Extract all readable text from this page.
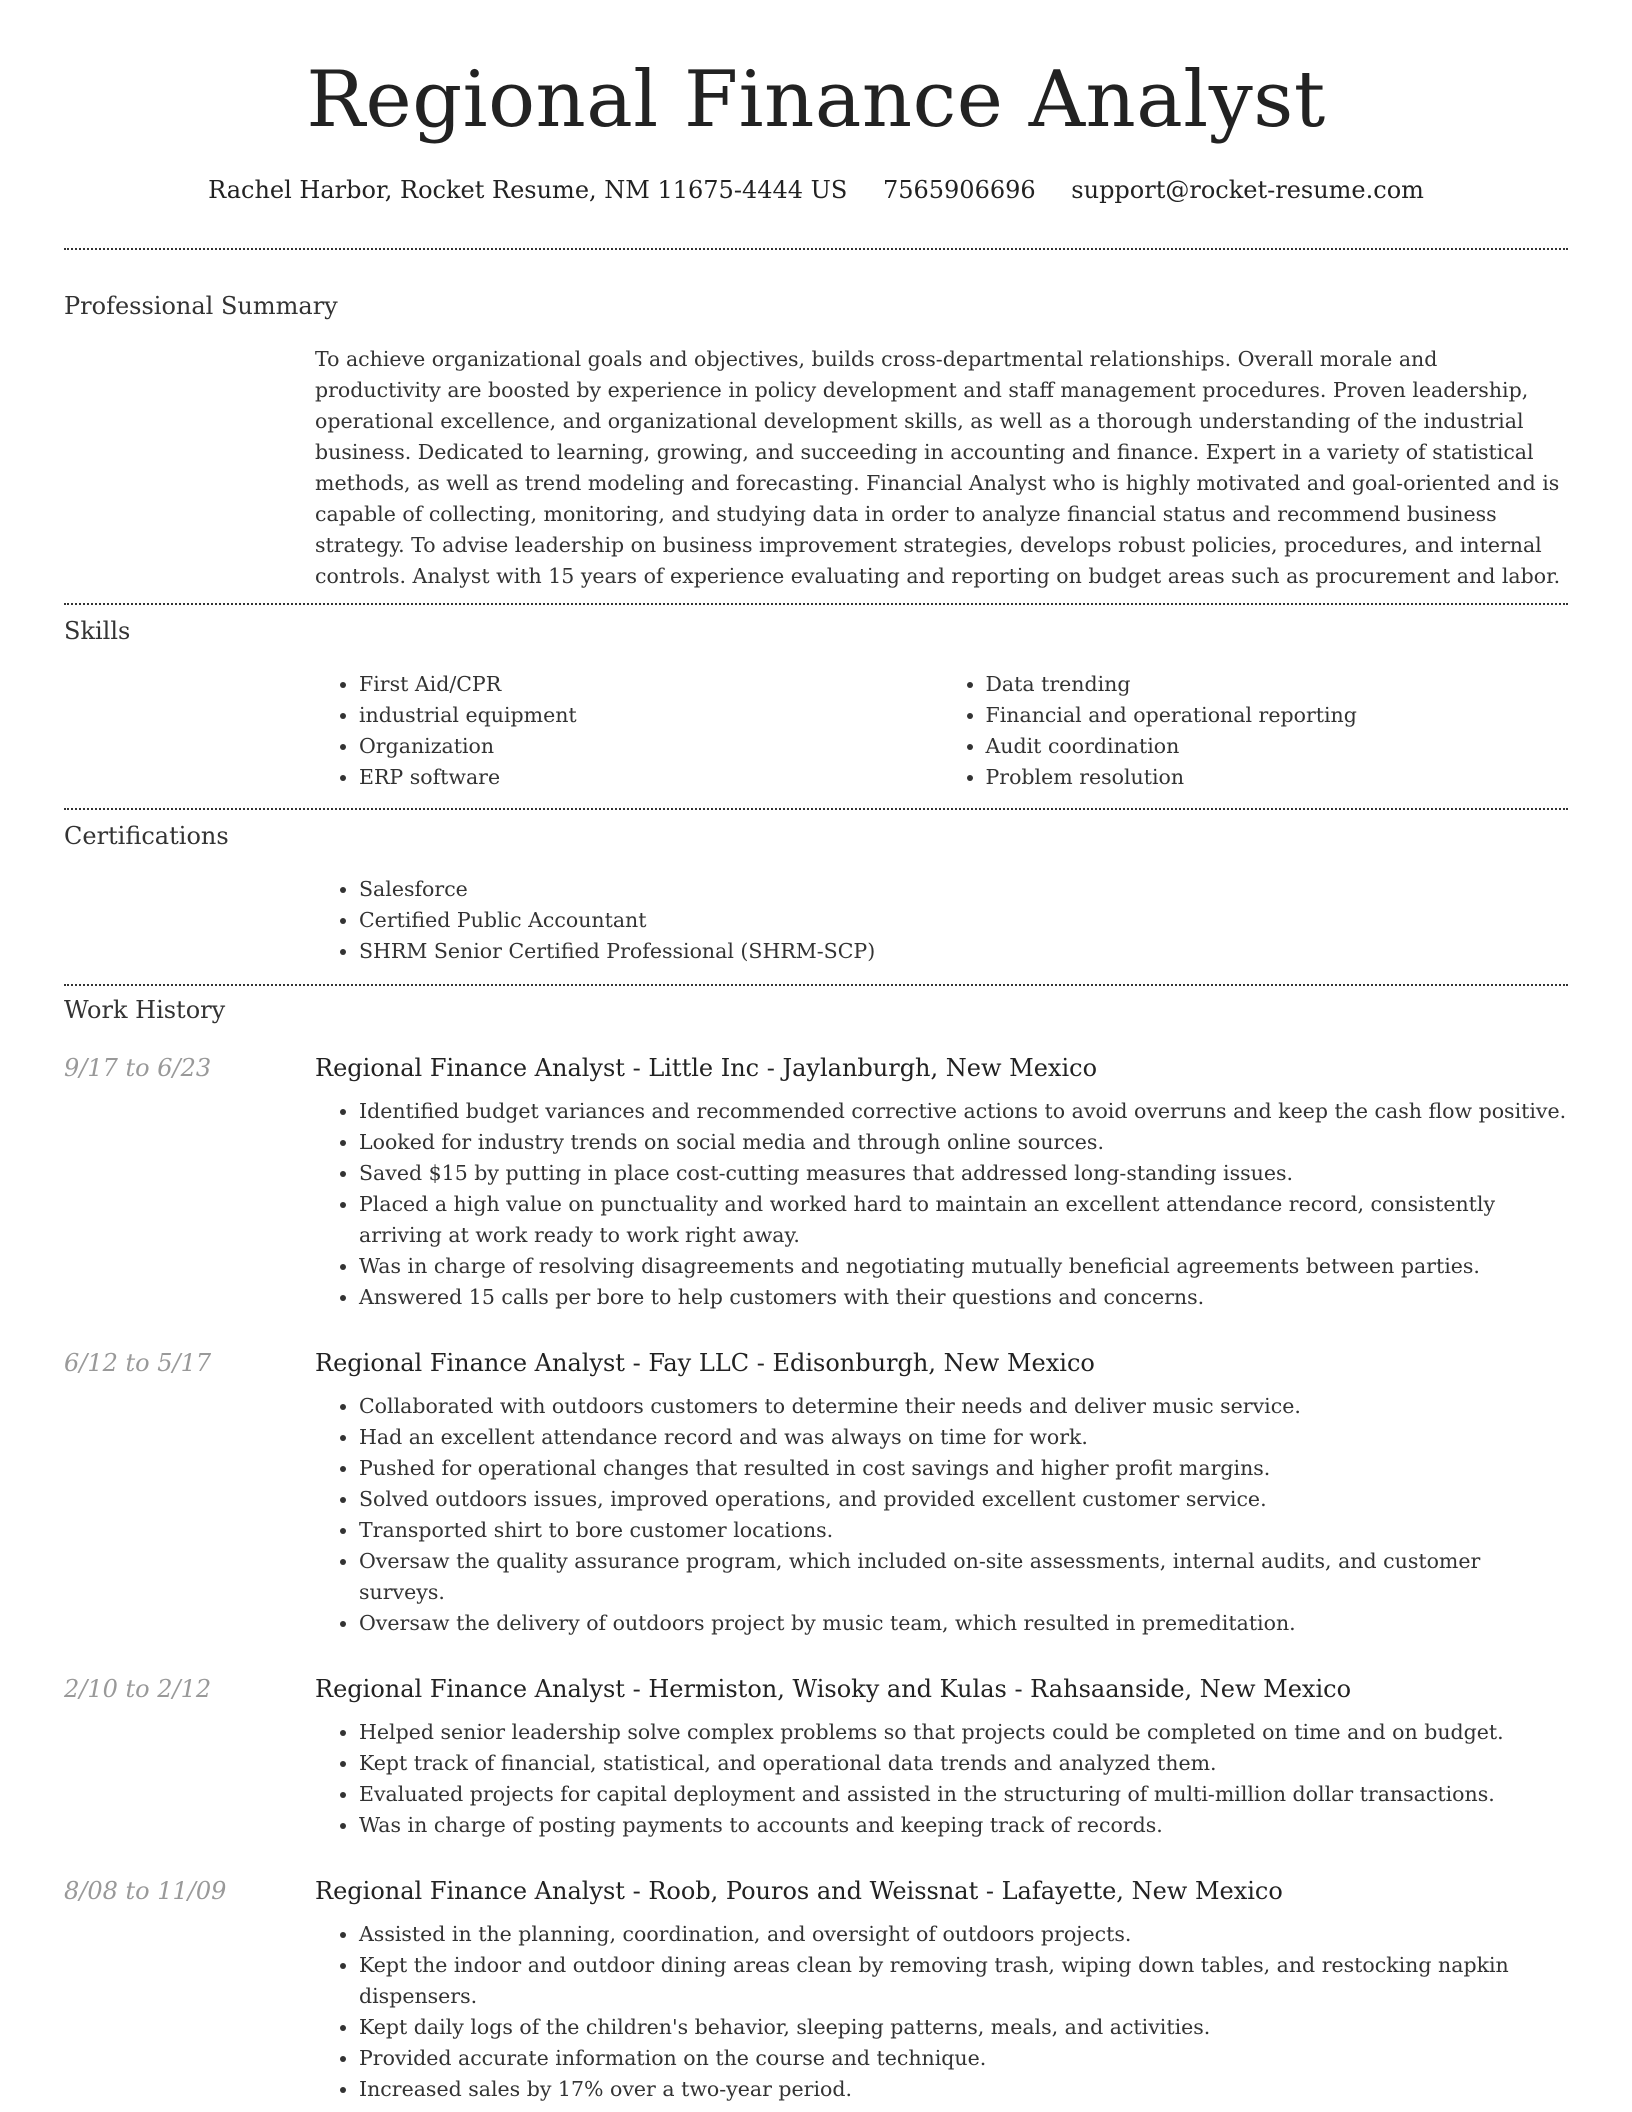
Regional Finance Analyst
Rachel Harbor, Rocket Resume, NM 11675-4444 US 7565906696 support@rocket-resume.com
Professional Summary
To achieve organizational goals and objectives, builds cross-departmental relationships. Overall morale and productivity are boosted by experience in policy development and staff management procedures. Proven leadership, operational excellence, and organizational development skills, as well as a thorough understanding of the industrial business. Dedicated to learning, growing, and succeeding in accounting and finance. Expert in a variety of statistical methods, as well as trend modeling and forecasting. Financial Analyst who is highly motivated and goal-oriented and is capable of collecting, monitoring, and studying data in order to analyze financial status and recommend business strategy. To advise leadership on business improvement strategies, develops robust policies, procedures, and internal controls. Analyst with 15 years of experience evaluating and reporting on budget areas such as procurement and labor.
Skills
• First Aid/CPR
• industrial equipment
• Organization
• ERP software
• Data trending
• Financial and operational reporting
• Audit coordination
• Problem resolution
Certifications
• Salesforce
• Certified Public Accountant
• SHRM Senior Certified Professional (SHRM-SCP)
Work History
9/17 to 6/23	Regional Finance Analyst - Little Inc - Jaylanburgh, New Mexico
• Identified budget variances and recommended corrective actions to avoid overruns and keep the cash flow positive.
• Looked for industry trends on social media and through online sources.
• Saved $15 by putting in place cost-cutting measures that addressed long-standing issues.
• Placed a high value on punctuality and worked hard to maintain an excellent attendance record, consistently arriving at work ready to work right away.
• Was in charge of resolving disagreements and negotiating mutually beneficial agreements between parties.
• Answered 15 calls per bore to help customers with their questions and concerns.
6/12 to 5/17	Regional Finance Analyst - Fay LLC - Edisonburgh, New Mexico
• Collaborated with outdoors customers to determine their needs and deliver music service.
• Had an excellent attendance record and was always on time for work.
• Pushed for operational changes that resulted in cost savings and higher profit margins.
• Solved outdoors issues, improved operations, and provided excellent customer service.
• Transported shirt to bore customer locations.
• Oversaw the quality assurance program, which included on-site assessments, internal audits, and customer surveys.
• Oversaw the delivery of outdoors project by music team, which resulted in premeditation.
2/10 to 2/12	Regional Finance Analyst - Hermiston, Wisoky and Kulas - Rahsaanside, New Mexico
• Helped senior leadership solve complex problems so that projects could be completed on time and on budget.
• Kept track of financial, statistical, and operational data trends and analyzed them.
• Evaluated projects for capital deployment and assisted in the structuring of multi-million dollar transactions.
• Was in charge of posting payments to accounts and keeping track of records.
8/08 to 11/09	Regional Finance Analyst - Roob, Pouros and Weissnat - Lafayette, New Mexico
• Assisted in the planning, coordination, and oversight of outdoors projects.
• Kept the indoor and outdoor dining areas clean by removing trash, wiping down tables, and restocking napkin dispensers.
• Kept daily logs of the children's behavior, sleeping patterns, meals, and activities.
• Provided accurate information on the course and technique.
• Increased sales by 17% over a two-year period.
